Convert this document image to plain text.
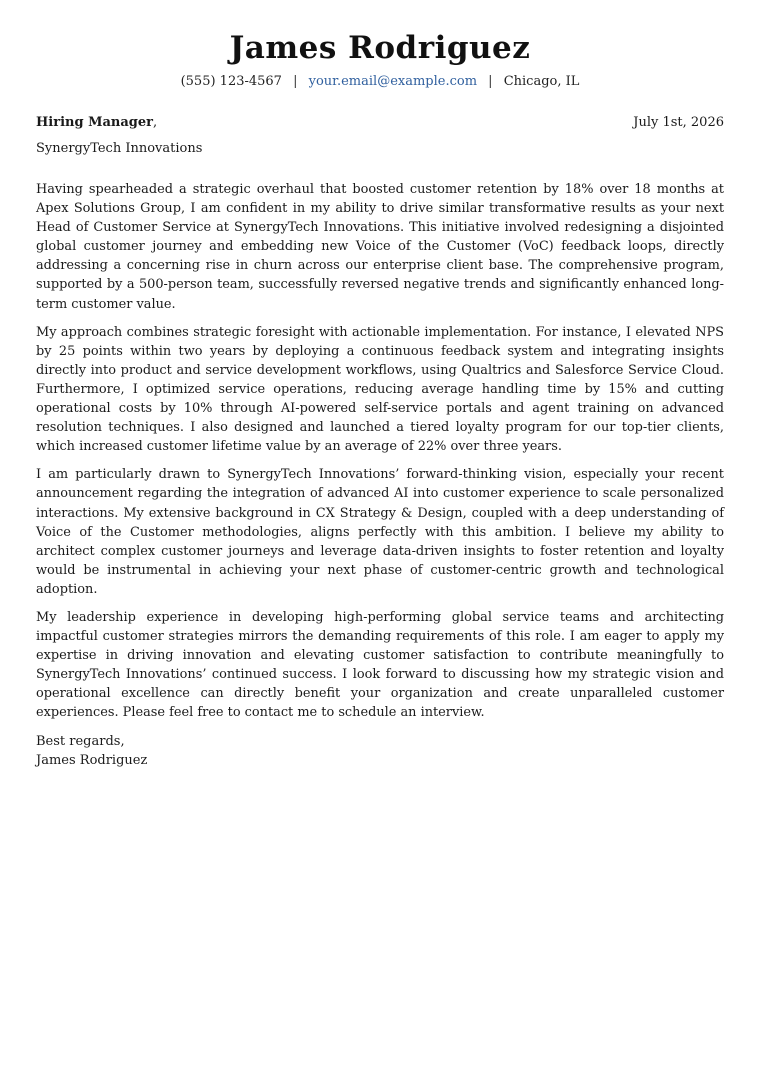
James Rodriguez
(555) 123-4567 | your.email@example.com | Chicago, IL
Hiring Manager,	July 1st, 2026
SynergyTech Innovations

Having spearheaded a strategic overhaul that boosted customer retention by 18% over 18 months at Apex Solutions Group, I am confident in my ability to drive similar transformative results as your next Head of Customer Service at SynergyTech Innovations. This initiative involved redesigning a disjointed global customer journey and embedding new Voice of the Customer (VoC) feedback loops, directly addressing a concerning rise in churn across our enterprise client base. The comprehensive program, supported by a 500-person team, successfully reversed negative trends and significantly enhanced long-term customer value.

My approach combines strategic foresight with actionable implementation. For instance, I elevated NPS by 25 points within two years by deploying a continuous feedback system and integrating insights directly into product and service development workflows, using Qualtrics and Salesforce Service Cloud. Furthermore, I optimized service operations, reducing average handling time by 15% and cutting operational costs by 10% through AI-powered self-service portals and agent training on advanced resolution techniques. I also designed and launched a tiered loyalty program for our top-tier clients, which increased customer lifetime value by an average of 22% over three years.

I am particularly drawn to SynergyTech Innovations’ forward-thinking vision, especially your recent announcement regarding the integration of advanced AI into customer experience to scale personalized interactions. My extensive background in CX Strategy & Design, coupled with a deep understanding of Voice of the Customer methodologies, aligns perfectly with this ambition. I believe my ability to architect complex customer journeys and leverage data-driven insights to foster retention and loyalty would be instrumental in achieving your next phase of customer-centric growth and technological adoption.

My leadership experience in developing high-performing global service teams and architecting impactful customer strategies mirrors the demanding requirements of this role. I am eager to apply my expertise in driving innovation and elevating customer satisfaction to contribute meaningfully to SynergyTech Innovations’ continued success. I look forward to discussing how my strategic vision and operational excellence can directly benefit your organization and create unparalleled customer experiences. Please feel free to contact me to schedule an interview.

Best regards,
James Rodriguez
